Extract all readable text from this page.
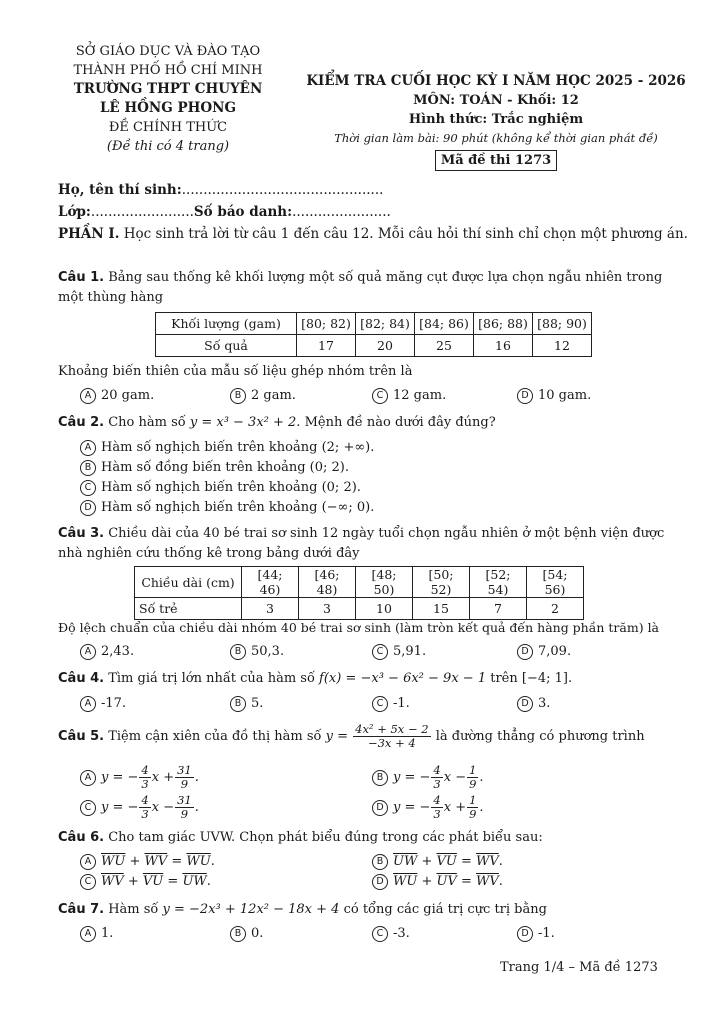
SỞ GIÁO DỤC VÀ ĐÀO TẠO
THÀNH PHỐ HỒ CHÍ MINH
TRƯỜNG THPT CHUYÊN
LÊ HỒNG PHONG
ĐỀ CHÍNH THỨC
(Đề thi có 4 trang)
KIỂM TRA CUỐI HỌC KỲ I NĂM HỌC 2025 - 2026
MÔN: TOÁN - Khối: 12
Hình thức: Trắc nghiệm
Thời gian làm bài: 90 phút (không kể thời gian phát đề)
Mã đề thi 1273
Họ, tên thí sinh:...............................................
Lớp:........................Số báo danh:.......................
PHẦN I. Học sinh trả lời từ câu 1 đến câu 12. Mỗi câu hỏi thí sinh chỉ chọn một phương án.
Câu 1. Bảng sau thống kê khối lượng một số quả măng cụt được lựa chọn ngẫu nhiên trong một thùng hàng
Khối lượng (gam)	[80; 82)	[82; 84)	[84; 86)	[86; 88)	[88; 90)
Số quả	17	20	25	16	12
Khoảng biến thiên của mẫu số liệu ghép nhóm trên là
A 20 gam.	B 2 gam.	C 12 gam.	D 10 gam.
Câu 2. Cho hàm số y = x³ − 3x² + 2. Mệnh đề nào dưới đây đúng?
A Hàm số nghịch biến trên khoảng (2; +∞).
B Hàm số đồng biến trên khoảng (0; 2).
C Hàm số nghịch biến trên khoảng (0; 2).
D Hàm số nghịch biến trên khoảng (−∞; 0).
Câu 3. Chiều dài của 40 bé trai sơ sinh 12 ngày tuổi chọn ngẫu nhiên ở một bệnh viện được nhà nghiên cứu thống kê trong bảng dưới đây
Chiều dài (cm)	[44; 46)	[46; 48)	[48; 50)	[50; 52)	[52; 54)	[54; 56)
Số trẻ	3	3	10	15	7	2
Độ lệch chuẩn của chiều dài nhóm 40 bé trai sơ sinh (làm tròn kết quả đến hàng phần trăm) là
A 2,43.	B 50,3.	C 5,91.	D 7,09.
Câu 4. Tìm giá trị lớn nhất của hàm số f(x) = −x³ − 6x² − 9x − 1 trên [−4; 1].
A -17.	B 5.	C -1.	D 3.
Câu 5. Tiệm cận xiên của đồ thị hàm số $y = \frac{\text{4x² + 5x − 2}}{-3x + 4}$ là đường thẳng có phương trình
A y = − $\frac{4}{3}$ $x + \frac{31}{9}$ .	B y = − $\frac{4}{3}$ $x - \frac{1}{9}$ .
C y = − $\frac{4}{3}$ $x - \frac{31}{9}$ .	D y = − $\frac{4}{3}$ $x + \frac{1}{9}$ .
Câu 6. Cho tam giác UVW. Chọn phát biểu đúng trong các phát biểu sau:
A $\overline{WU} + \overline{WV} = \overline{WU}$.	B $\overline{UW} + \overline{VU} = \overline{WV}$.
C $\overline{WV} + \overline{VU} = \overline{UW}$.	D $\overline{WU} + \overline{UV} = \overline{WV}$.
Câu 7. Hàm số y = −2x³ + 12x² − 18x + 4 có tổng các giá trị cực trị bằng
A 1.	B 0.	C -3.	D -1.
Trang 1/4 – Mã đề 1273
